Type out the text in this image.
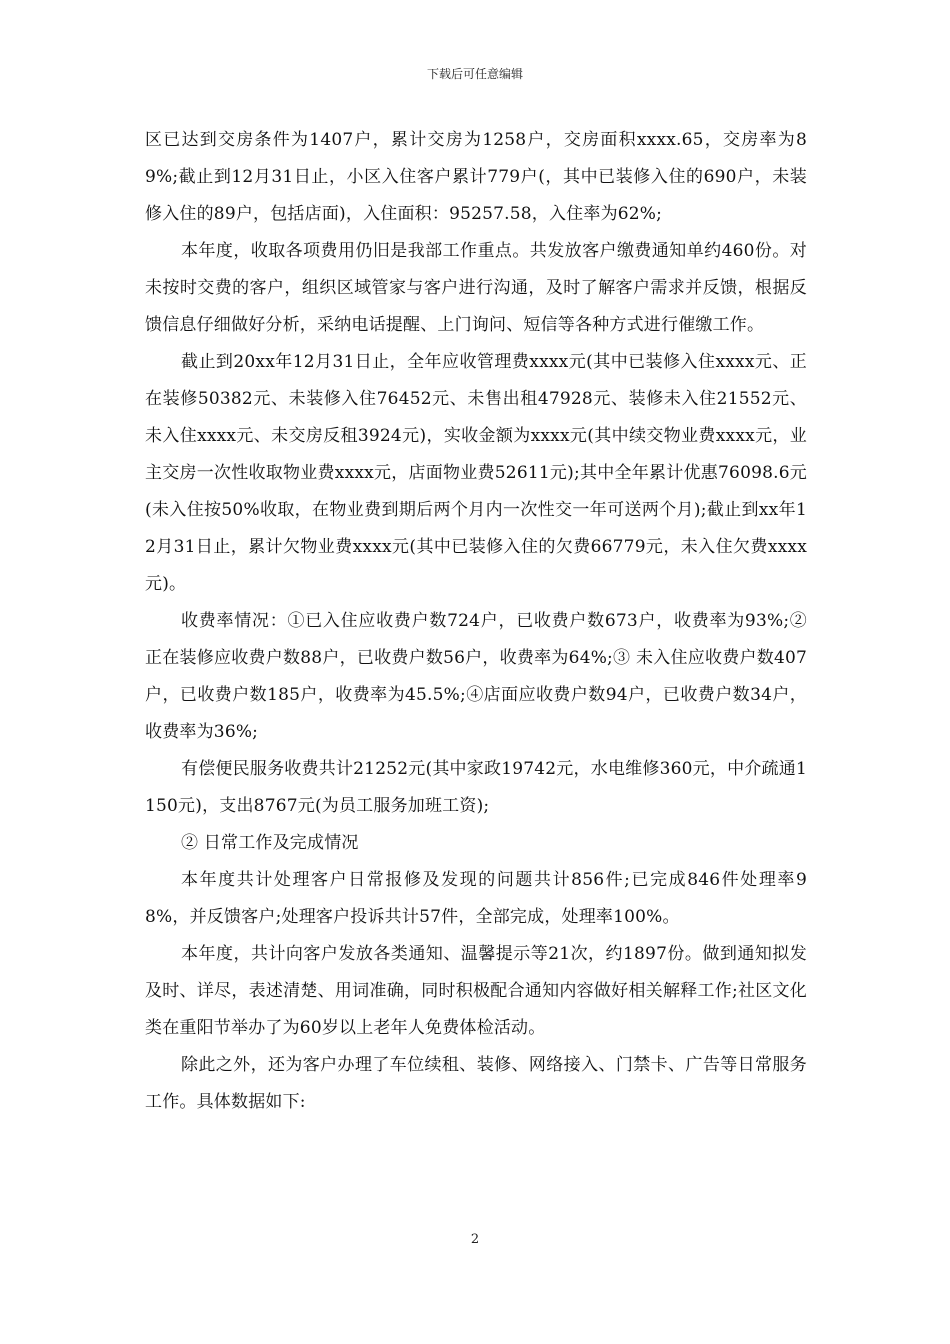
下载后可任意编辑

区已达到交房条件为1407户，累计交房为1258户，交房面积xxxx.65，交房率为89%;截止到12月31日止，小区入住客户累计779户(，其中已装修入住的690户，未装修入住的89户，包括店面)，入住面积：95257.58，入住率为62%;

本年度，收取各项费用仍旧是我部工作重点。共发放客户缴费通知单约460份。对未按时交费的客户，组织区域管家与客户进行沟通，及时了解客户需求并反馈，根据反馈信息仔细做好分析，采纳电话提醒、上门询问、短信等各种方式进行催缴工作。

截止到20xx年12月31日止，全年应收管理费xxxx元(其中已装修入住xxxx元、正在装修50382元、未装修入住76452元、未售出租47928元、装修未入住21552元、未入住xxxx元、未交房反租3924元)，实收金额为xxxx元(其中续交物业费xxxx元，业主交房一次性收取物业费xxxx元，店面物业费52611元);其中全年累计优惠76098.6元(未入住按50%收取，在物业费到期后两个月内一次性交一年可送两个月);截止到xx年12月31日止，累计欠物业费xxxx元(其中已装修入住的欠费66779元，未入住欠费xxxx元)。

收费率情况：①已入住应收费户数724户，已收费户数673户，收费率为93%;② 正在装修应收费户数88户，已收费户数56户，收费率为64%;③ 未入住应收费户数407户，已收费户数185户，收费率为45.5%;④店面应收费户数94户，已收费户数34户，收费率为36%;

有偿便民服务收费共计21252元(其中家政19742元，水电维修360元，中介疏通1150元)，支出8767元(为员工服务加班工资);

② 日常工作及完成情况

本年度共计处理客户日常报修及发现的问题共计856件;已完成846件处理率98%，并反馈客户;处理客户投诉共计57件，全部完成，处理率100%。

本年度，共计向客户发放各类通知、温馨提示等21次，约1897份。做到通知拟发及时、详尽，表述清楚、用词准确，同时积极配合通知内容做好相关解释工作;社区文化类在重阳节举办了为60岁以上老年人免费体检活动。

除此之外，还为客户办理了车位续租、装修、网络接入、门禁卡、广告等日常服务工作。具体数据如下:

2
